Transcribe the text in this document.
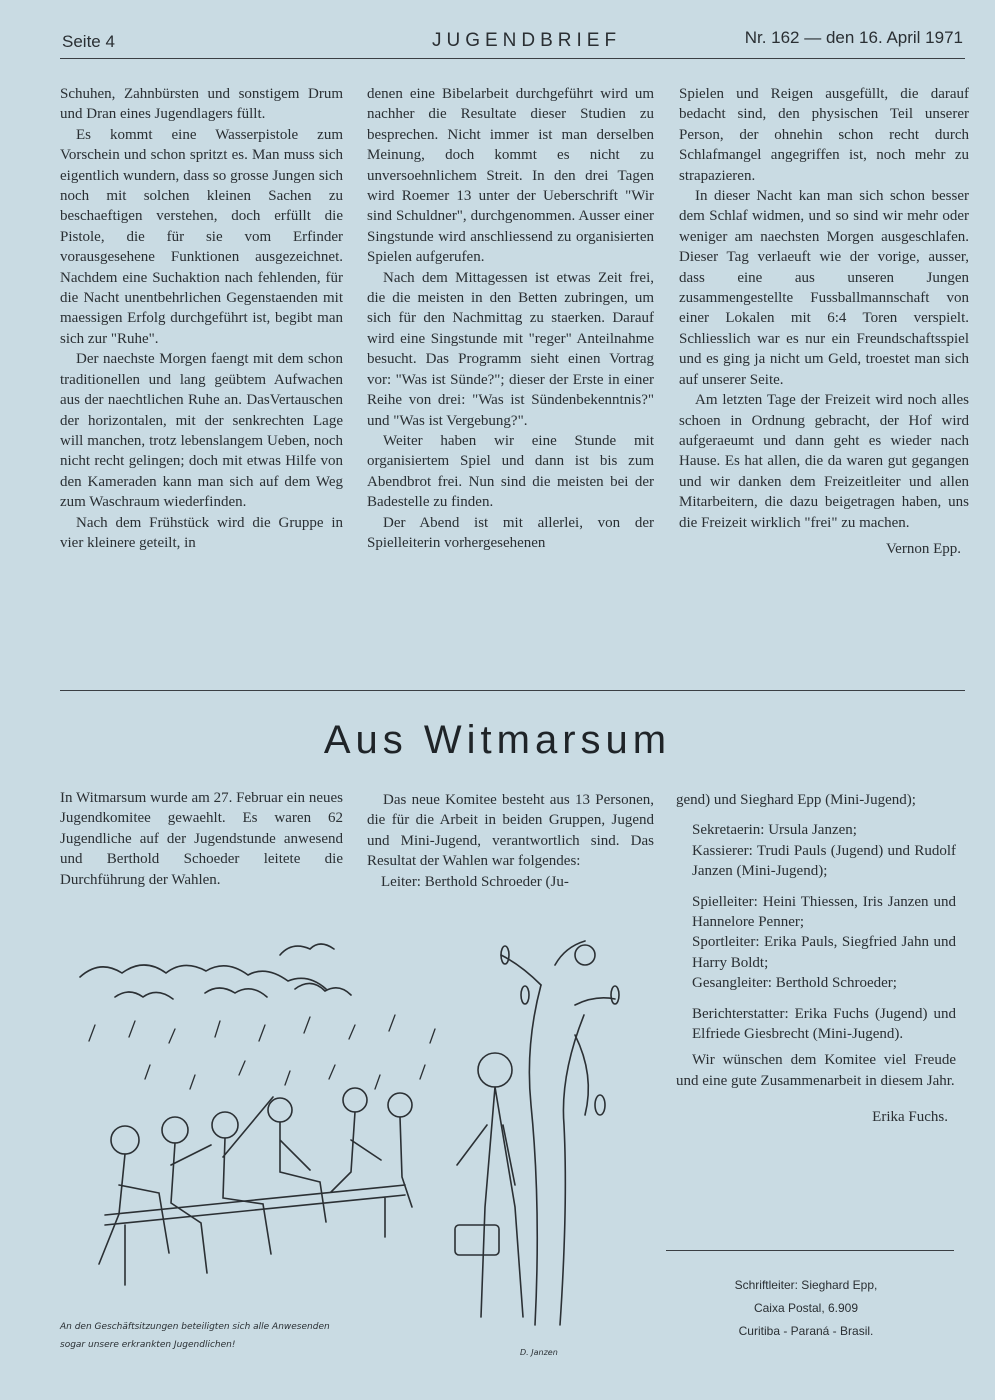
Seite 4	JUGENDBRIEF	Nr. 162 — den 16. April 1971

Schuhen, Zahnbürsten und sonstigem Drum und Dran eines Jugendlagers füllt.

Es kommt eine Wasserpistole zum Vorschein und schon spritzt es. Man muss sich eigentlich wundern, dass so grosse Jungen sich noch mit solchen kleinen Sachen zu beschaeftigen verstehen, doch erfüllt die Pistole, die für sie vom Erfinder vorausgesehene Funktionen ausgezeichnet. Nachdem eine Suchaktion nach fehlenden, für die Nacht unentbehrlichen Gegenstaenden mit maessigen Erfolg durchgeführt ist, begibt man sich zur "Ruhe".

Der naechste Morgen faengt mit dem schon traditionellen und lang geübtem Aufwachen aus der naechtlichen Ruhe an. DasVertauschen der horizontalen, mit der senkrechten Lage will manchen, trotz lebenslangem Ueben, noch nicht recht gelingen; doch mit etwas Hilfe von den Kameraden kann man sich auf dem Weg zum Waschraum wiederfinden.

Nach dem Frühstück wird die Gruppe in vier kleinere geteilt, in

denen eine Bibelarbeit durchgeführt wird um nachher die Resultate dieser Studien zu besprechen. Nicht immer ist man derselben Meinung, doch kommt es nicht zu unversoehnlichem Streit. In den drei Tagen wird Roemer 13 unter der Ueberschrift "Wir sind Schuldner", durchgenommen. Ausser einer Singstunde wird anschliessend zu organisierten Spielen aufgerufen.

Nach dem Mittagessen ist etwas Zeit frei, die die meisten in den Betten zubringen, um sich für den Nachmittag zu staerken. Darauf wird eine Singstunde mit "reger" Anteilnahme besucht. Das Programm sieht einen Vortrag vor: "Was ist Sünde?"; dieser der Erste in einer Reihe von drei: "Was ist Sündenbekenntnis?" und "Was ist Vergebung?".

Weiter haben wir eine Stunde mit organisiertem Spiel und dann ist bis zum Abendbrot frei. Nun sind die meisten bei der Badestelle zu finden.

Der Abend ist mit allerlei, von der Spielleiterin vorhergesehenen

Spielen und Reigen ausgefüllt, die darauf bedacht sind, den physischen Teil unserer Person, der ohnehin schon recht durch Schlafmangel angegriffen ist, noch mehr zu strapazieren.

In dieser Nacht kan man sich schon besser dem Schlaf widmen, und so sind wir mehr oder weniger am naechsten Morgen ausgeschlafen. Dieser Tag verlaeuft wie der vorige, ausser, dass eine aus unseren Jungen zusammengestellte Fussballmannschaft von einer Lokalen mit 6:4 Toren verspielt. Schliesslich war es nur ein Freundschaftsspiel und es ging ja nicht um Geld, troestet man sich auf unserer Seite.

Am letzten Tage der Freizeit wird noch alles schoen in Ordnung gebracht, der Hof wird aufgeraeumt und dann geht es wieder nach Hause. Es hat allen, die da waren gut gegangen und wir danken dem Freizeitleiter und allen Mitarbeitern, die dazu beigetragen haben, uns die Freizeit wirklich "frei" zu machen.

Vernon Epp.

Aus Witmarsum

In Witmarsum wurde am 27. Februar ein neues Jugendkomitee gewaehlt. Es waren 62 Jugendliche auf der Jugendstunde anwesend und Berthold Schoeder leitete die Durchführung der Wahlen.

Das neue Komitee besteht aus 13 Personen, die für die Arbeit in beiden Gruppen, Jugend und Mini-Jugend, verantwortlich sind. Das Resultat der Wahlen war folgendes:

Leiter: Berthold Schroeder (Ju-

gend) und Sieghard Epp (Mini-Jugend);

Sekretaerin: Ursula Janzen;

Kassierer: Trudi Pauls (Jugend) und Rudolf Janzen (Mini-Jugend);

Spielleiter: Heini Thiessen, Iris Janzen und Hannelore Penner;

Sportleiter: Erika Pauls, Siegfried Jahn und Harry Boldt;

Gesangleiter: Berthold Schroeder;

Berichterstatter: Erika Fuchs (Jugend) und Elfriede Giesbrecht (Mini-Jugend).

Wir wünschen dem Komitee viel Freude und eine gute Zusammenarbeit in diesem Jahr.

Erika Fuchs.

Schriftleiter: Sieghard Epp,
Caixa Postal, 6.909
Curitiba - Paraná - Brasil.
An den Geschäftsitzungen beteiligten sich alle Anwesenden
sogar unsere erkrankten Jugendlichen!
D. Janzen
